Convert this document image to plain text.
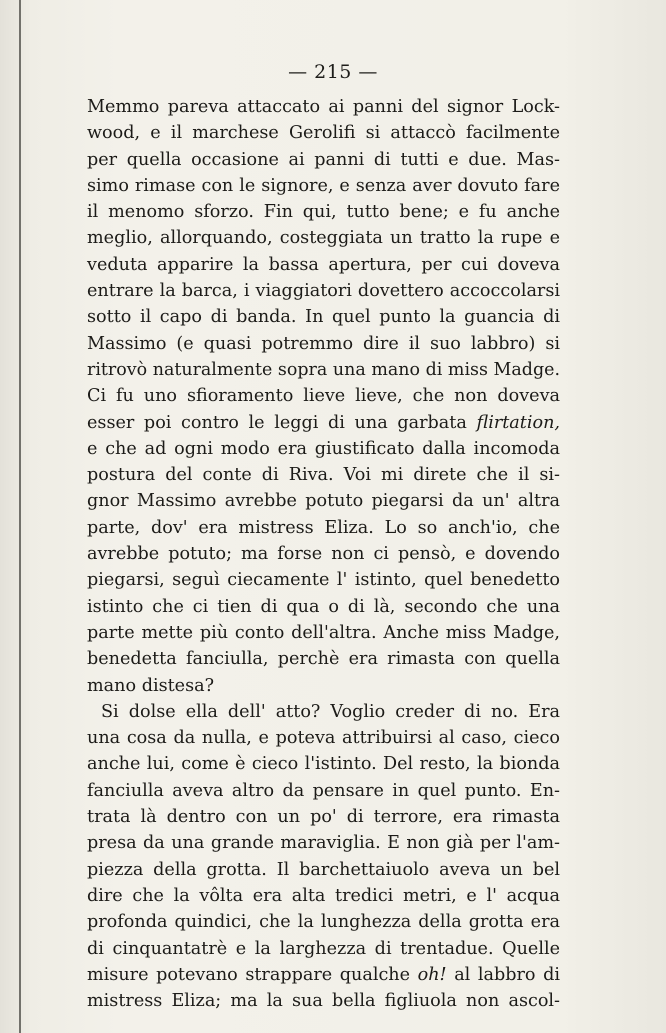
— 215 —
Memmo pareva attaccato ai panni del signor Lock-
wood, e il marchese Gerolifi si attaccò facilmente
per quella occasione ai panni di tutti e due. Mas-
simo rimase con le signore, e senza aver dovuto fare
il menomo sforzo. Fin qui, tutto bene; e fu anche
meglio, allorquando, costeggiata un tratto la rupe e
veduta apparire la bassa apertura, per cui doveva
entrare la barca, i viaggiatori dovettero accoccolarsi
sotto il capo di banda. In quel punto la guancia di
Massimo (e quasi potremmo dire il suo labbro) si
ritrovò naturalmente sopra una mano di miss Madge.
Ci fu uno sfioramento lieve lieve, che non doveva
esser poi contro le leggi di una garbata flirtation,
e che ad ogni modo era giustificato dalla incomoda
postura del conte di Riva. Voi mi direte che il si-
gnor Massimo avrebbe potuto piegarsi da un' altra
parte, dov' era mistress Eliza. Lo so anch'io, che
avrebbe potuto; ma forse non ci pensò, e dovendo
piegarsi, seguì ciecamente l' istinto, quel benedetto
istinto che ci tien di qua o di là, secondo che una
parte mette più conto dell'altra. Anche miss Madge,
benedetta fanciulla, perchè era rimasta con quella
mano distesa?
Si dolse ella dell' atto? Voglio creder di no. Era
una cosa da nulla, e poteva attribuirsi al caso, cieco
anche lui, come è cieco l'istinto. Del resto, la bionda
fanciulla aveva altro da pensare in quel punto. En-
trata là dentro con un po' di terrore, era rimasta
presa da una grande maraviglia. E non già per l'am-
piezza della grotta. Il barchettaiuolo aveva un bel
dire che la vôlta era alta tredici metri, e l' acqua
profonda quindici, che la lunghezza della grotta era
di cinquantatrè e la larghezza di trentadue. Quelle
misure potevano strappare qualche oh! al labbro di
mistress Eliza; ma la sua bella figliuola non ascol-
